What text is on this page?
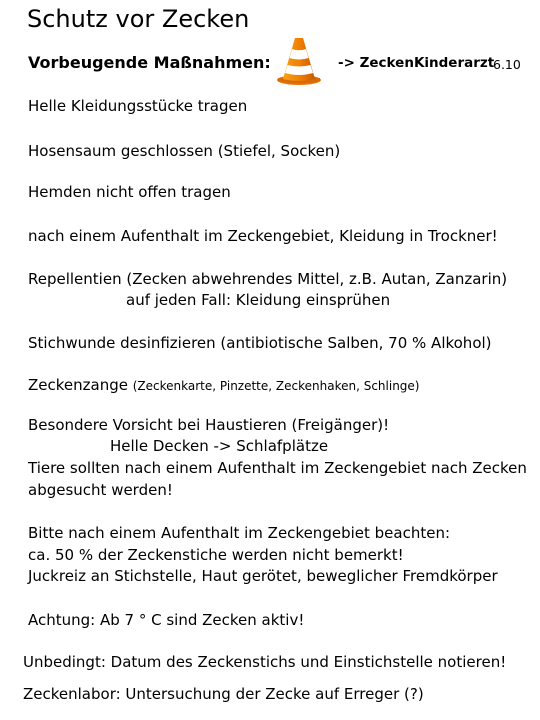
Schutz vor Zecken
Vorbeugende Maßnahmen:	-> ZeckenKinderarzt
6.10
Helle Kleidungsstücke tragen
Hosensaum geschlossen (Stiefel, Socken)
Hemden nicht offen tragen
nach einem Aufenthalt im Zeckengebiet, Kleidung in Trockner!
Repellentien (Zecken abwehrendes Mittel, z.B. Autan, Zanzarin)
auf jeden Fall: Kleidung einsprühen
Stichwunde desinfizieren (antibiotische Salben, 70 % Alkohol)
Zeckenzange (Zeckenkarte, Pinzette, Zeckenhaken, Schlinge)
Besondere Vorsicht bei Haustieren (Freigänger)!
Helle Decken -> Schlafplätze
Tiere sollten nach einem Aufenthalt im Zeckengebiet nach Zecken
abgesucht werden!
Bitte nach einem Aufenthalt im Zeckengebiet beachten:
ca. 50 % der Zeckenstiche werden nicht bemerkt!
Juckreiz an Stichstelle, Haut gerötet, beweglicher Fremdkörper
Achtung: Ab 7 ° C sind Zecken aktiv!
Unbedingt: Datum des Zeckenstichs und Einstichstelle notieren!
Zeckenlabor: Untersuchung der Zecke auf Erreger (?)
